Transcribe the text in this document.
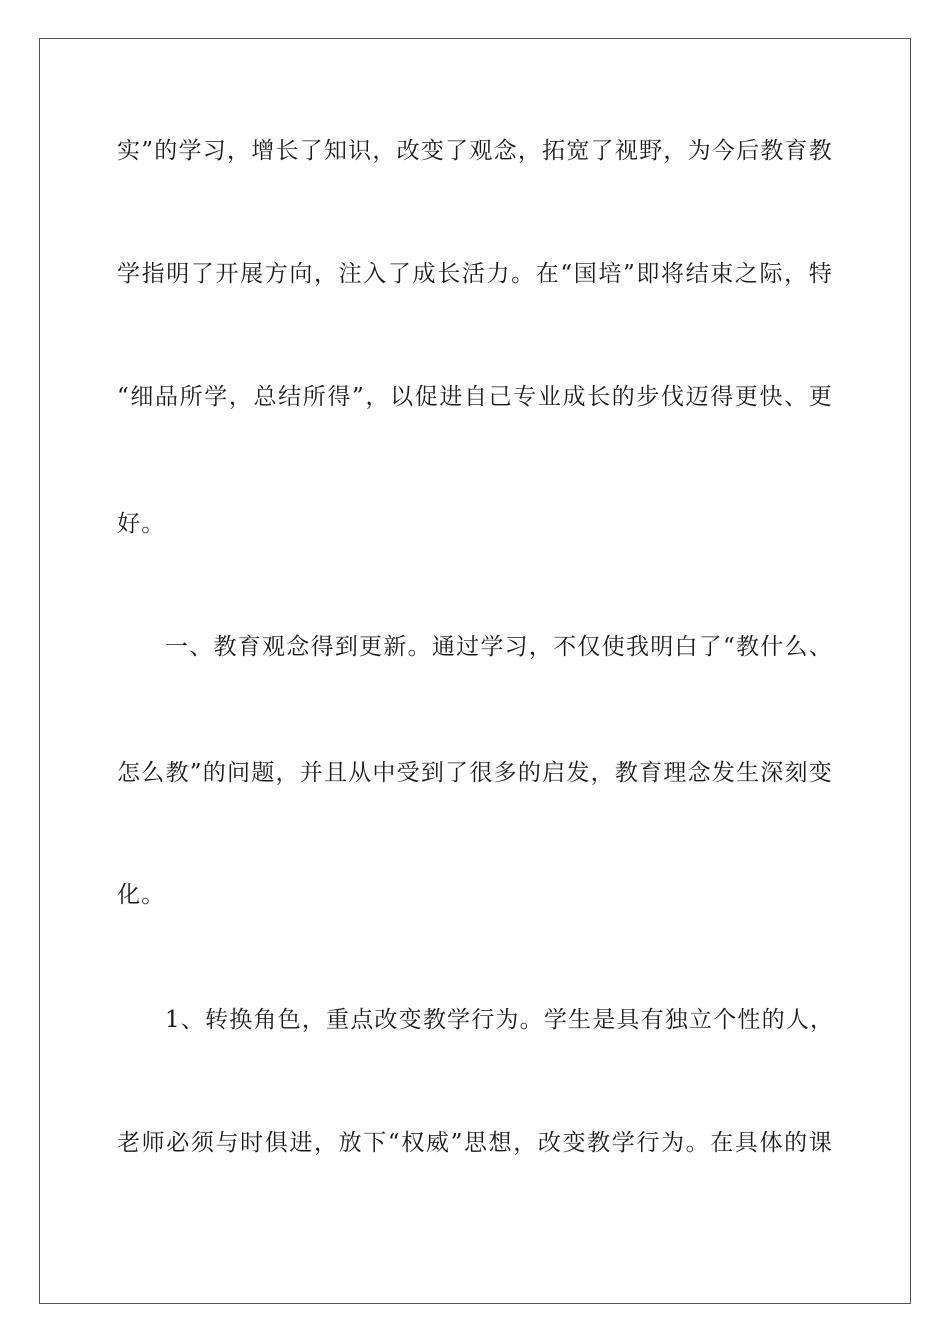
实”的学习，增长了知识，改变了观念，拓宽了视野，为今后教育教
学指明了开展方向，注入了成长活力。在“国培”即将结束之际，特
“细品所学，总结所得”，以促进自己专业成长的步伐迈得更快、更
好。
一、教育观念得到更新。通过学习，不仅使我明白了“教什么、
怎么教”的问题，并且从中受到了很多的启发，教育理念发生深刻变
化。
1、转换角色，重点改变教学行为。学生是具有独立个性的人，
老师必须与时俱进，放下“权威”思想，改变教学行为。在具体的课
